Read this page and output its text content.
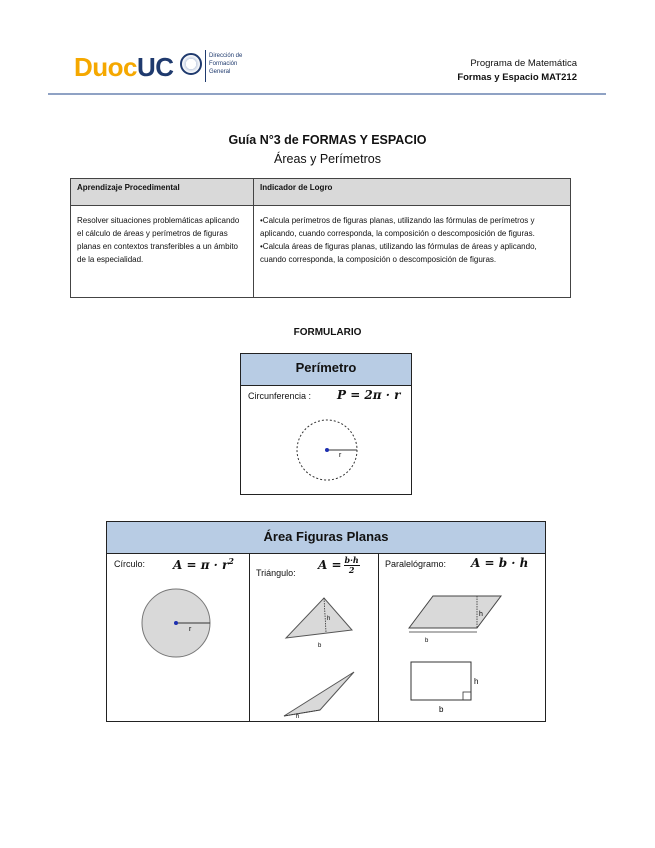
DuocUC	Dirección de
Formación
General
Programa de Matemática
Formas y Espacio MAT212
Guía N°3 de FORMAS Y ESPACIO
Áreas y Perímetros
Aprendizaje Procedimental	Indicador de Logro
Resolver situaciones problemáticas aplicando el cálculo de áreas y perímetros de figuras planas en contextos transferibles a un ámbito de la especialidad.	•Calcula perímetros de figuras planas, utilizando las fórmulas de perímetros y aplicando, cuando corresponda, la composición o descomposición de figuras.
•Calcula áreas de figuras planas, utilizando las fórmulas de áreas y aplicando, cuando corresponda, la composición o descomposición de figuras.
FORMULARIO
Perímetro
Circunferencia : P = 2π · r
r
Área Figuras Planas
Círculo: $A = \pi \cdot r^2$
r
Triángulo:
$A = \frac{b\cdot h}{2}$
h
b
h
Paralelógramo: A = b · h
h
b
h
b
